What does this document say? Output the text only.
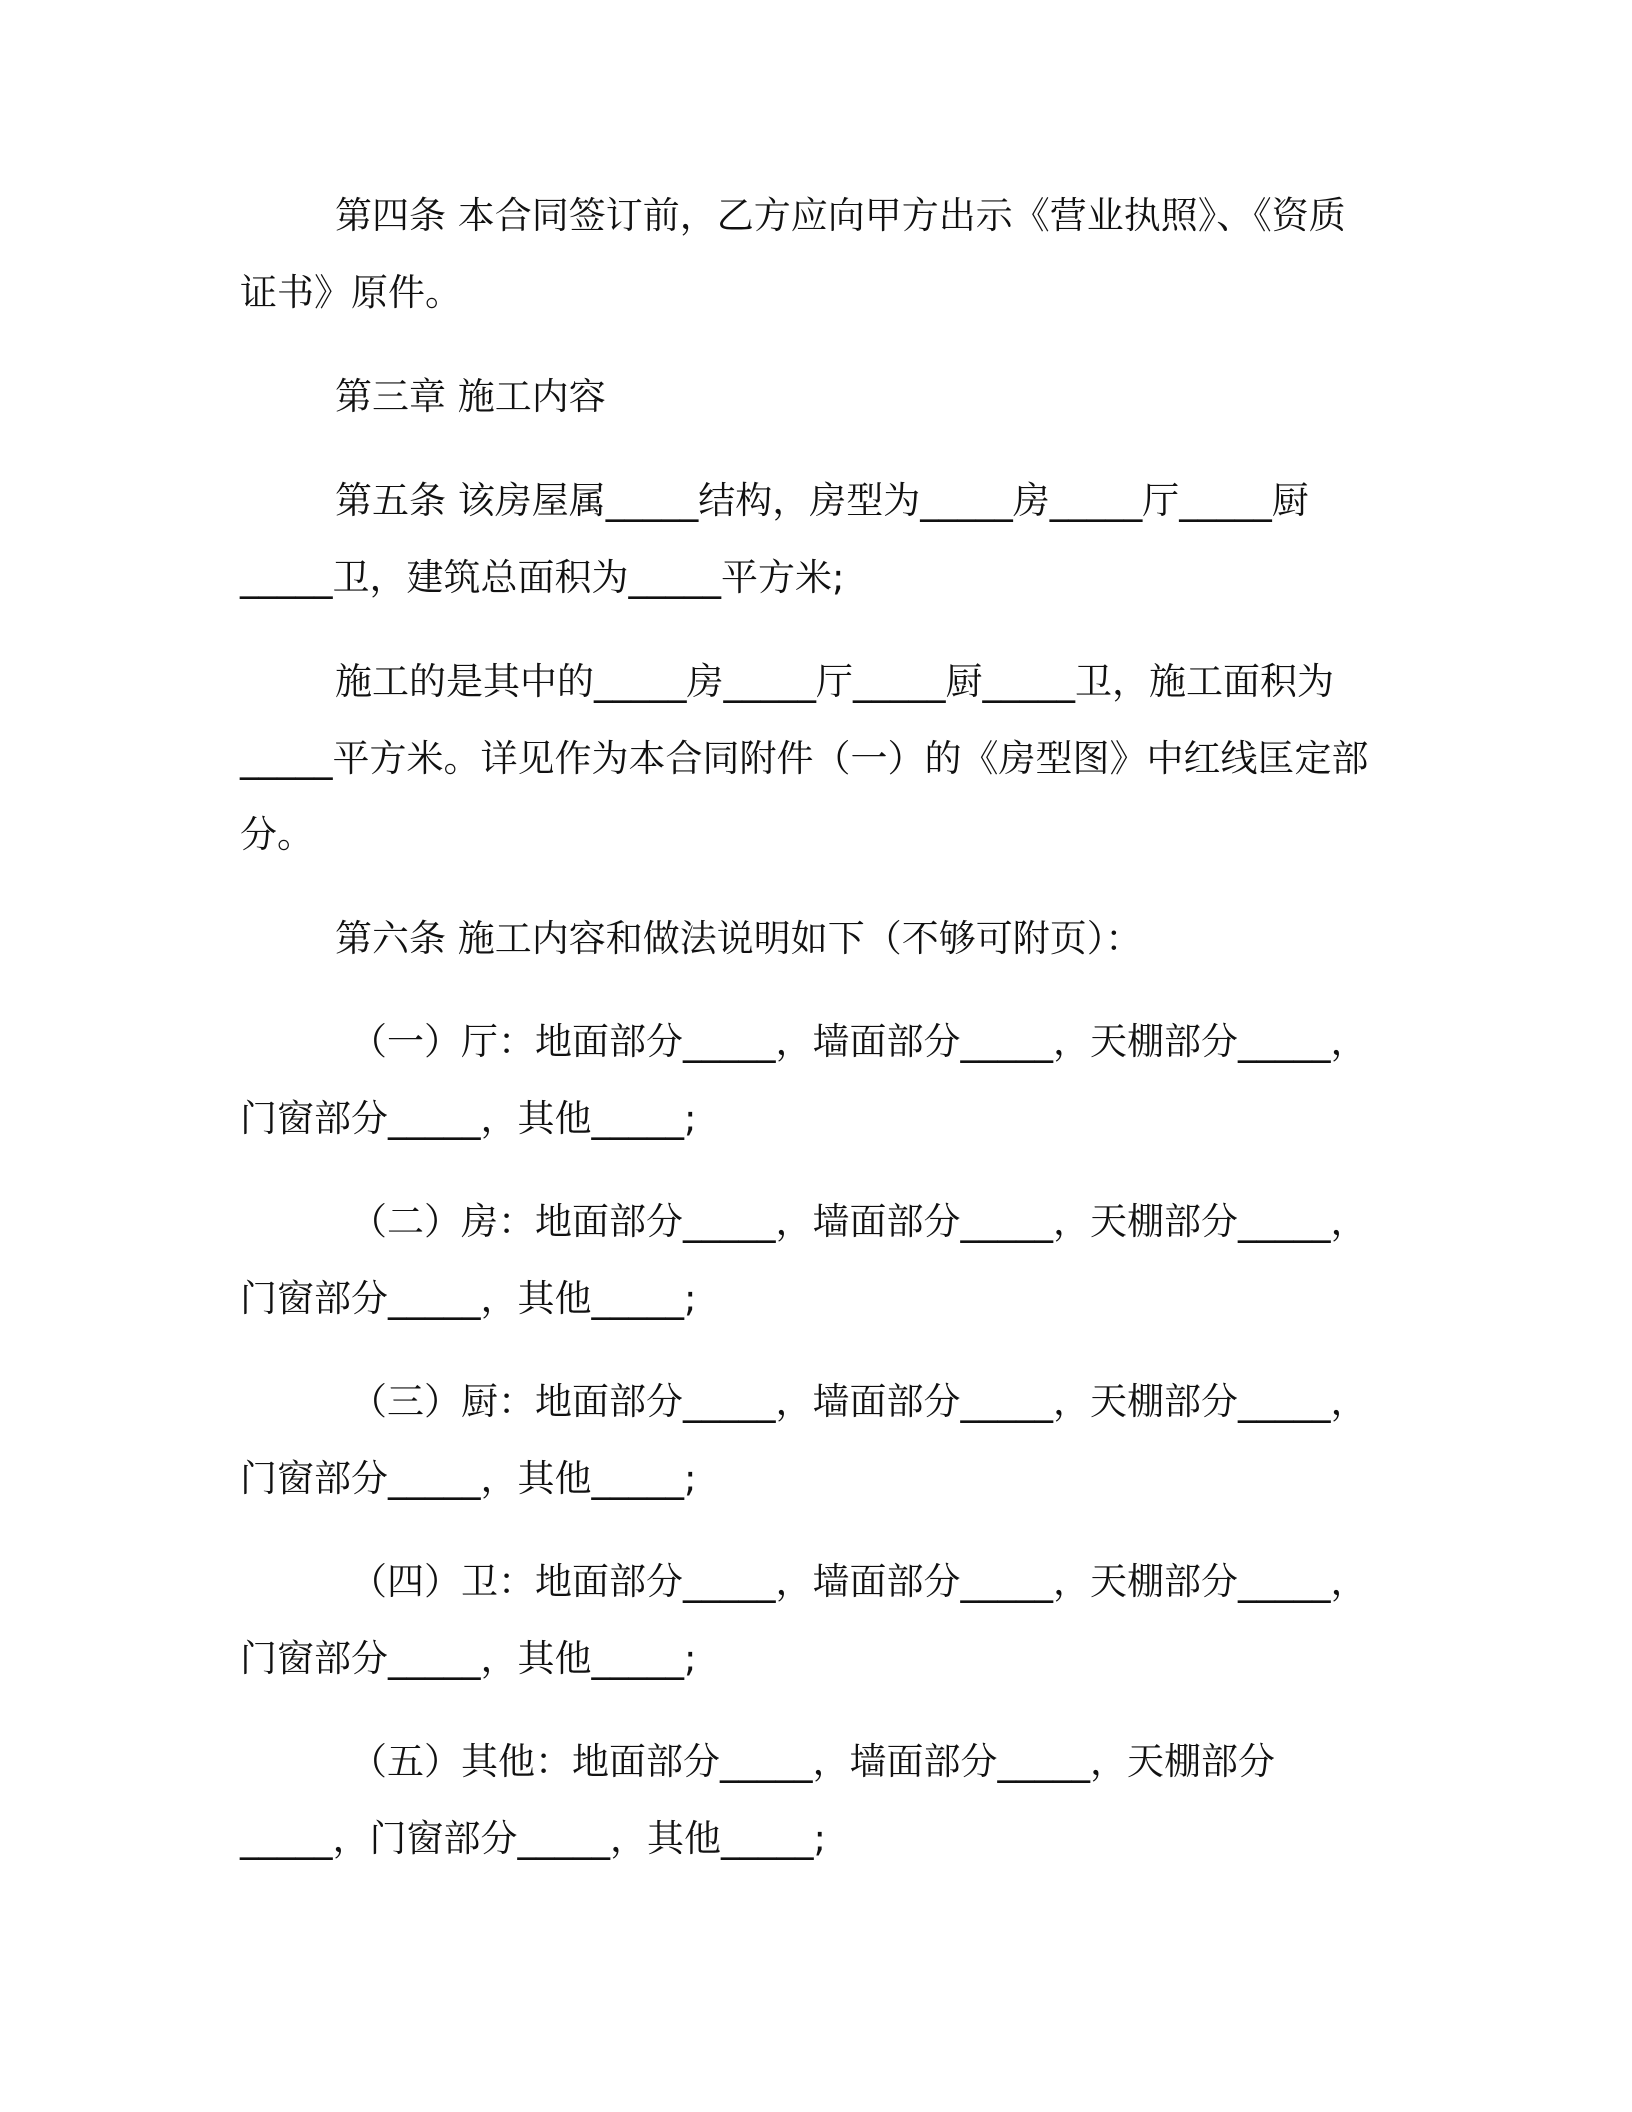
第四条 本合同签订前，乙方应向甲方出示《营业执照》、《资质
证书》原件。
第三章 施工内容
第五条 该房屋属_____结构，房型为_____房_____厅_____厨
_____卫，建筑总面积为_____平方米;
施工的是其中的_____房_____厅_____厨_____卫，施工面积为
_____平方米。详见作为本合同附件（一）的《房型图》中红线匡定部
分。
第六条 施工内容和做法说明如下（不够可附页）：
（一）厅：地面部分_____，墙面部分_____，天棚部分_____，
门窗部分_____，其他_____;
（二）房：地面部分_____，墙面部分_____，天棚部分_____，
门窗部分_____，其他_____;
（三）厨：地面部分_____，墙面部分_____，天棚部分_____，
门窗部分_____，其他_____;
（四）卫：地面部分_____，墙面部分_____，天棚部分_____，
门窗部分_____，其他_____;
（五）其他：地面部分_____，墙面部分_____，天棚部分
_____，门窗部分_____，其他_____;
